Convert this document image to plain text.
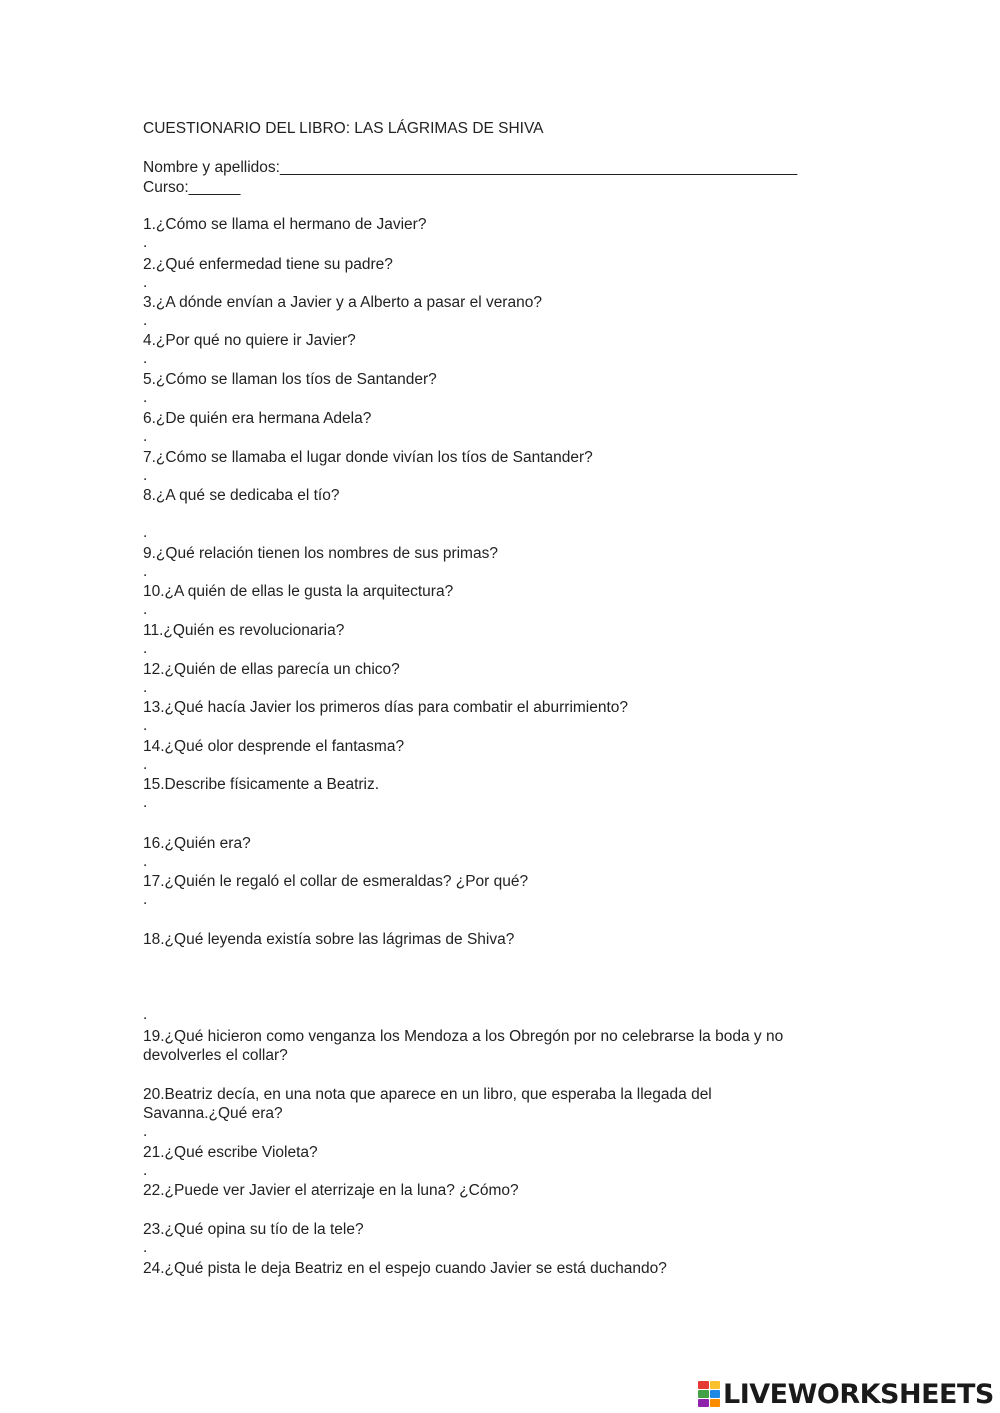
CUESTIONARIO DEL LIBRO: LAS LÁGRIMAS DE SHIVA
Nombre y apellidos:____________________________________________________________
Curso:______
1.¿Cómo se llama el hermano de Javier?
.
2.¿Qué enfermedad tiene su padre?
.
3.¿A dónde envían a Javier y a Alberto a pasar el verano?
.
4.¿Por qué no quiere ir Javier?
.
5.¿Cómo se llaman los tíos de Santander?
.
6.¿De quién era hermana Adela?
.
7.¿Cómo se llamaba el lugar donde vivían los tíos de Santander?
.
8.¿A qué se dedicaba el tío?
.
9.¿Qué relación tienen los nombres de sus primas?
.
10.¿A quién de ellas le gusta la arquitectura?
.
11.¿Quién es revolucionaria?
.
12.¿Quién de ellas parecía un chico?
.
13.¿Qué hacía Javier los primeros días para combatir el aburrimiento?
.
14.¿Qué olor desprende el fantasma?
.
15.Describe físicamente a Beatriz.
.
16.¿Quién era?
.
17.¿Quién le regaló el collar de esmeraldas? ¿Por qué?
.
18.¿Qué leyenda existía sobre las lágrimas de Shiva?
.
19.¿Qué hicieron como venganza los Mendoza a los Obregón por no celebrarse la boda y no
devolverles el collar?
20.Beatriz decía, en una nota que aparece en un libro, que esperaba la llegada del
Savanna.¿Qué era?
.
21.¿Qué escribe Violeta?
.
22.¿Puede ver Javier el aterrizaje en la luna? ¿Cómo?
23.¿Qué opina su tío de la tele?
.
24.¿Qué pista le deja Beatriz en el espejo cuando Javier se está duchando?
LIVEWORKSHEETS
